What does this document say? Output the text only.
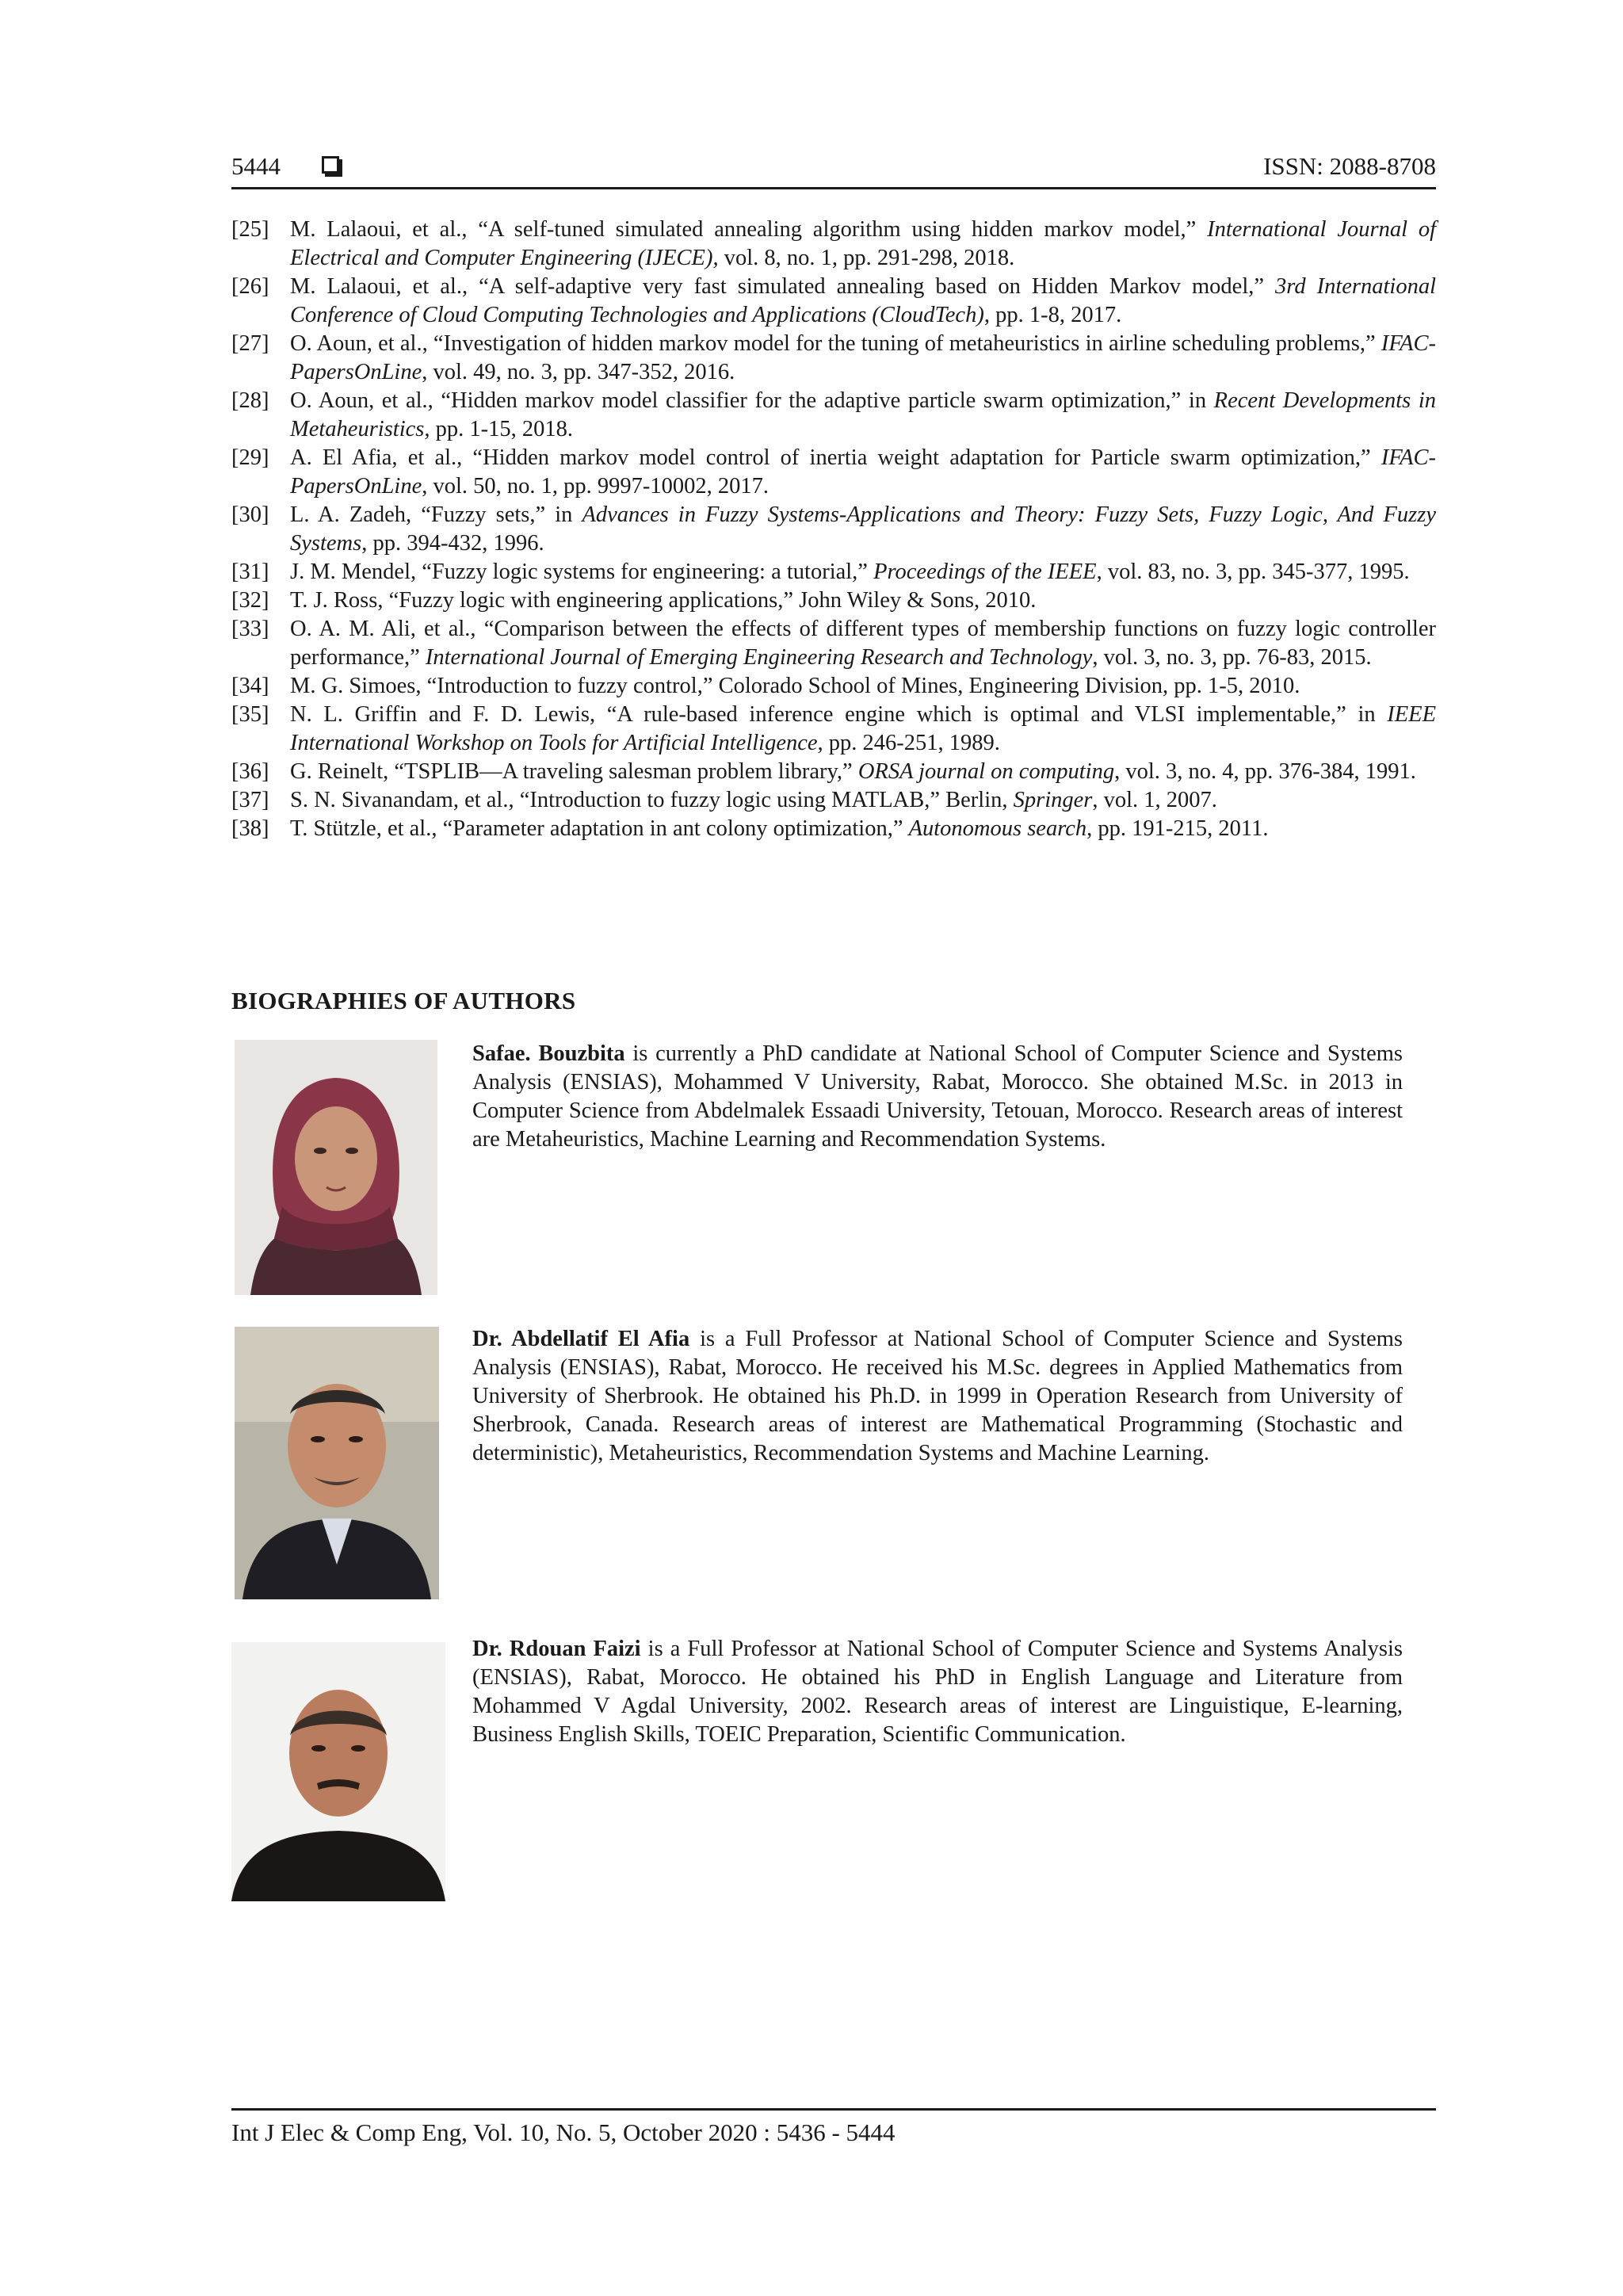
5444	ISSN: 2088-8708
[25] M. Lalaoui, et al., “A self-tuned simulated annealing algorithm using hidden markov model,” International Journal of Electrical and Computer Engineering (IJECE), vol. 8, no. 1, pp. 291-298, 2018.
[26] M. Lalaoui, et al., “A self-adaptive very fast simulated annealing based on Hidden Markov model,” 3rd International Conference of Cloud Computing Technologies and Applications (CloudTech), pp. 1-8, 2017.
[27] O. Aoun, et al., “Investigation of hidden markov model for the tuning of metaheuristics in airline scheduling problems,” IFAC-PapersOnLine, vol. 49, no. 3, pp. 347-352, 2016.
[28] O. Aoun, et al., “Hidden markov model classifier for the adaptive particle swarm optimization,” in Recent Developments in Metaheuristics, pp. 1-15, 2018.
[29] A. El Afia, et al., “Hidden markov model control of inertia weight adaptation for Particle swarm optimization,” IFAC-PapersOnLine, vol. 50, no. 1, pp. 9997-10002, 2017.
[30] L. A. Zadeh, “Fuzzy sets,” in Advances in Fuzzy Systems-Applications and Theory: Fuzzy Sets, Fuzzy Logic, And Fuzzy Systems, pp. 394-432, 1996.
[31] J. M. Mendel, “Fuzzy logic systems for engineering: a tutorial,” Proceedings of the IEEE, vol. 83, no. 3, pp. 345-377, 1995.
[32] T. J. Ross, “Fuzzy logic with engineering applications,” John Wiley & Sons, 2010.
[33] O. A. M. Ali, et al., “Comparison between the effects of different types of membership functions on fuzzy logic controller performance,” International Journal of Emerging Engineering Research and Technology, vol. 3, no. 3, pp. 76-83, 2015.
[34] M. G. Simoes, “Introduction to fuzzy control,” Colorado School of Mines, Engineering Division, pp. 1-5, 2010.
[35] N. L. Griffin and F. D. Lewis, “A rule-based inference engine which is optimal and VLSI implementable,” in IEEE International Workshop on Tools for Artificial Intelligence, pp. 246-251, 1989.
[36] G. Reinelt, “TSPLIB—A traveling salesman problem library,” ORSA journal on computing, vol. 3, no. 4, pp. 376-384, 1991.
[37] S. N. Sivanandam, et al., “Introduction to fuzzy logic using MATLAB,” Berlin, Springer, vol. 1, 2007.
[38] T. Stützle, et al., “Parameter adaptation in ant colony optimization,” Autonomous search, pp. 191-215, 2011.
BIOGRAPHIES OF AUTHORS

Safae. Bouzbita is currently a PhD candidate at National School of Computer Science and Systems Analysis (ENSIAS), Mohammed V University, Rabat, Morocco. She obtained M.Sc. in 2013 in Computer Science from Abdelmalek Essaadi University, Tetouan, Morocco. Research areas of interest are Metaheuristics, Machine Learning and Recommendation Systems.

Dr. Abdellatif El Afia is a Full Professor at National School of Computer Science and Systems Analysis (ENSIAS), Rabat, Morocco. He received his M.Sc. degrees in Applied Mathematics from University of Sherbrook. He obtained his Ph.D. in 1999 in Operation Research from University of Sherbrook, Canada. Research areas of interest are Mathematical Programming (Stochastic and deterministic), Metaheuristics, Recommendation Systems and Machine Learning.

Dr. Rdouan Faizi is a Full Professor at National School of Computer Science and Systems Analysis (ENSIAS), Rabat, Morocco. He obtained his PhD in English Language and Literature from Mohammed V Agdal University, 2002. Research areas of interest are Linguistique, E-learning, Business English Skills, TOEIC Preparation, Scientific Communication.

Int J Elec & Comp Eng, Vol. 10, No. 5, October 2020 : 5436 - 5444
